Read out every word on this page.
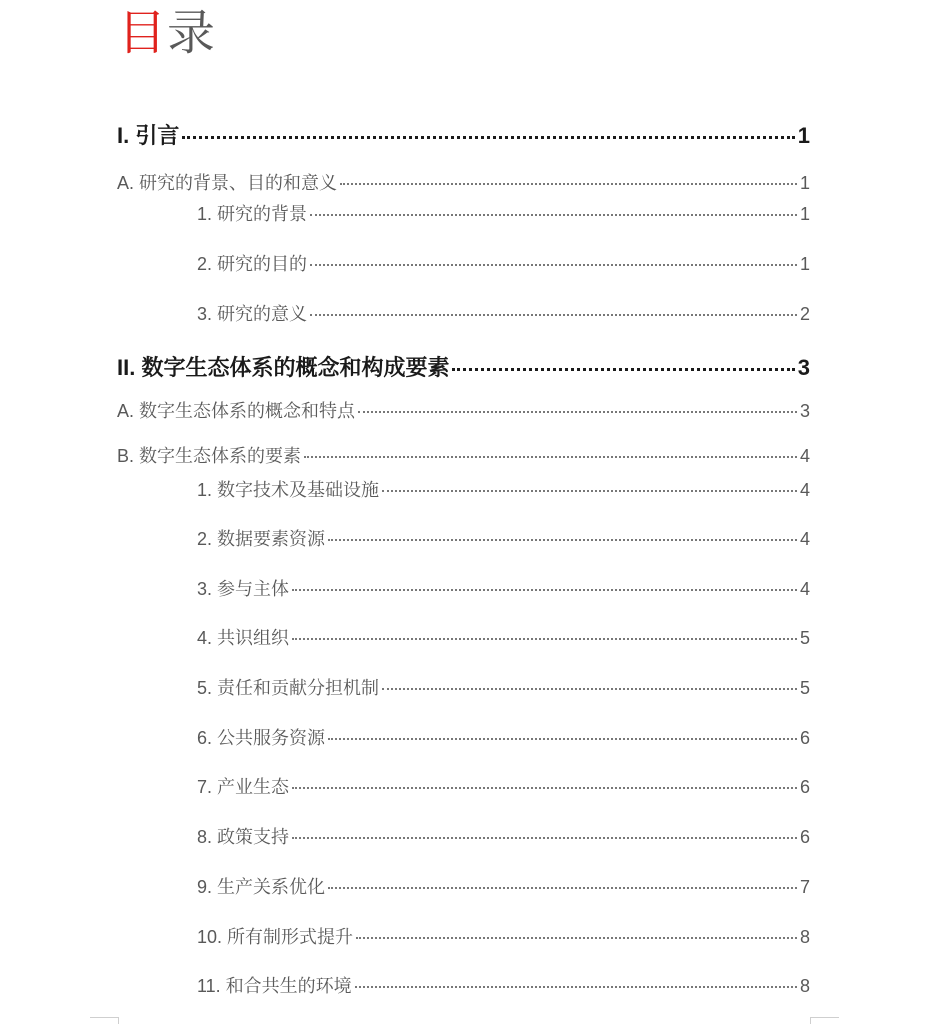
目录
I. 引言	1
A. 研究的背景、目的和意义	1
1. 研究的背景	1
2. 研究的目的	1
3. 研究的意义	2
II. 数字生态体系的概念和构成要素	3
A. 数字生态体系的概念和特点	3
B. 数字生态体系的要素	4
1. 数字技术及基础设施	4
2. 数据要素资源	4
3. 参与主体	4
4. 共识组织	5
5. 责任和贡献分担机制	5
6. 公共服务资源	6
7. 产业生态	6
8. 政策支持	6
9. 生产关系优化	7
10. 所有制形式提升	8
11. 和合共生的环境	8
